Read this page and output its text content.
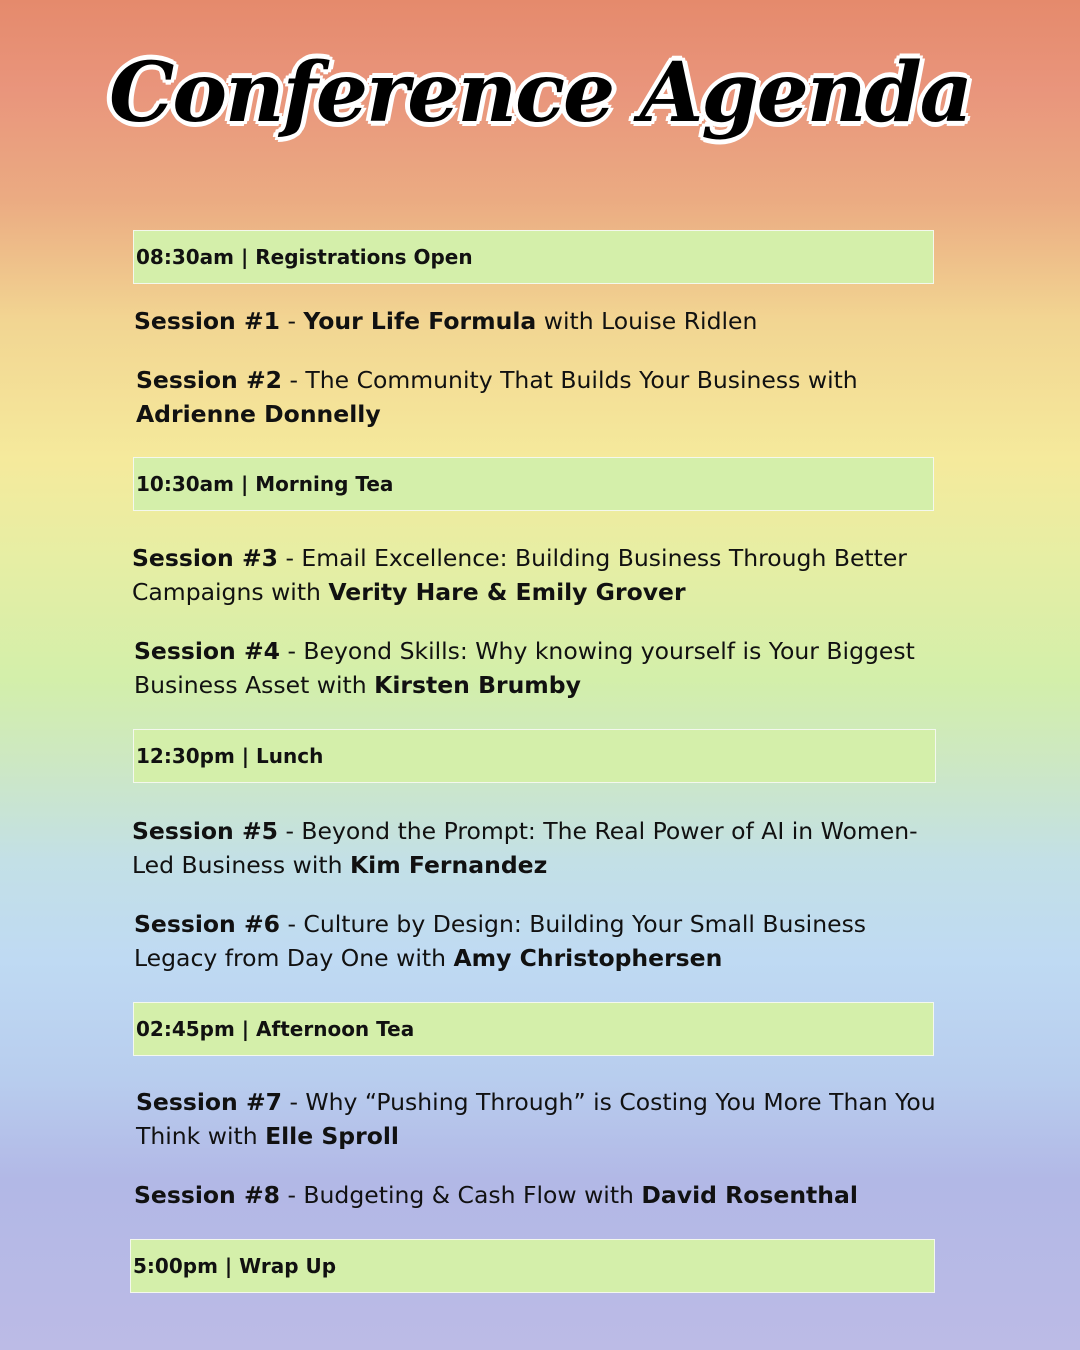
Conference Agenda
08:30am | Registrations Open
Session #1 - Your Life Formula with Louise Ridlen
Session #2 - The Community That Builds Your Business with Adrienne Donnelly
10:30am | Morning Tea
Session #3 - Email Excellence: Building Business Through Better Campaigns with Verity Hare & Emily Grover
Session #4 - Beyond Skills: Why knowing yourself is Your Biggest Business Asset with Kirsten Brumby
12:30pm | Lunch
Session #5 - Beyond the Prompt: The Real Power of AI in Women-Led Business with Kim Fernandez
Session #6 - Culture by Design: Building Your Small Business Legacy from Day One with Amy Christophersen
02:45pm | Afternoon Tea
Session #7 - Why “Pushing Through” is Costing You More Than You Think with Elle Sproll
Session #8 - Budgeting & Cash Flow with David Rosenthal
5:00pm | Wrap Up
